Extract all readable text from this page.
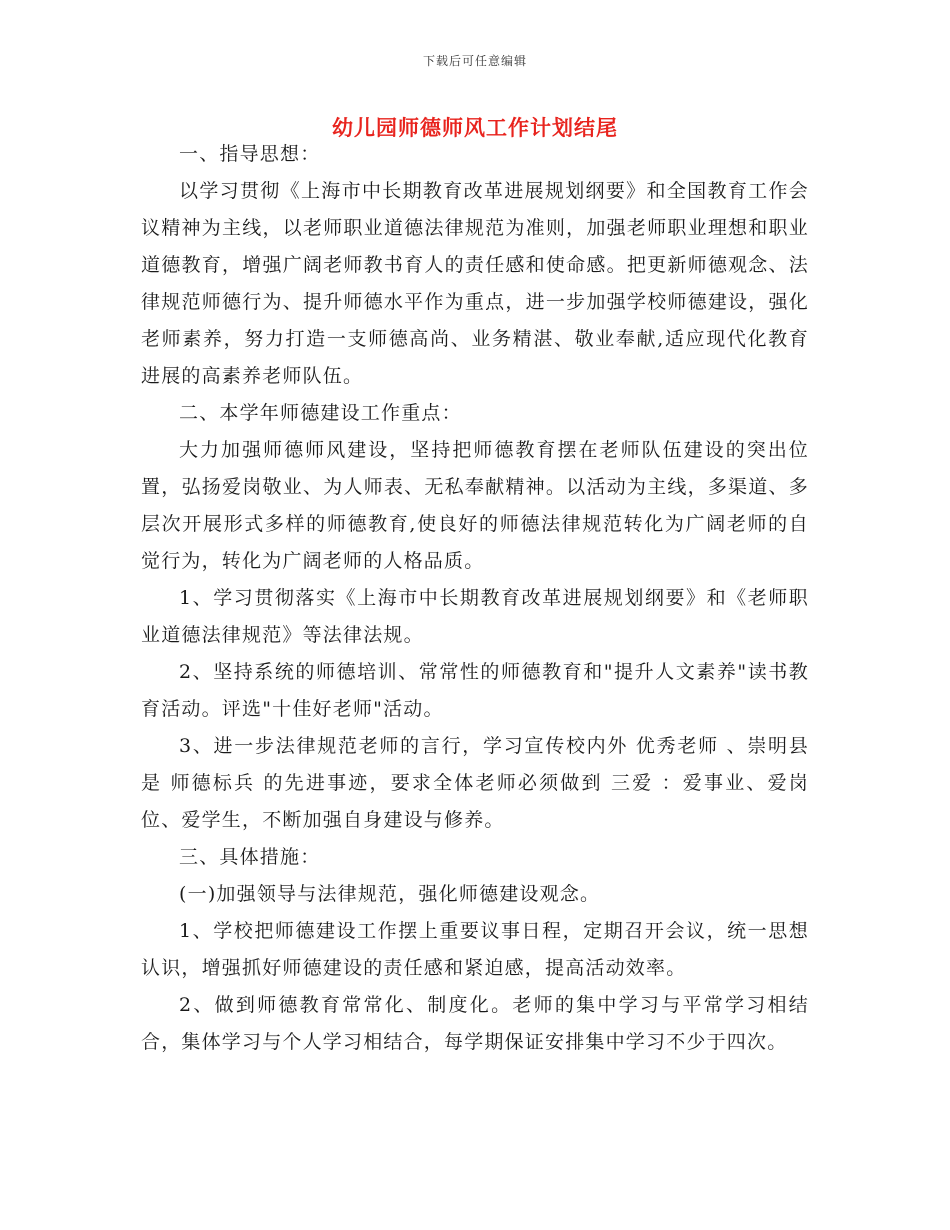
下载后可任意编辑
幼儿园师德师风工作计划结尾

一、指导思想：

以学习贯彻《上海市中长期教育改革进展规划纲要》和全国教育工作会议精神为主线，以老师职业道德法律规范为准则，加强老师职业理想和职业道德教育，增强广阔老师教书育人的责任感和使命感。把更新师德观念、法律规范师德行为、提升师德水平作为重点，进一步加强学校师德建设，强化老师素养，努力打造一支师德高尚、业务精湛、敬业奉献,适应现代化教育进展的高素养老师队伍。

二、本学年师德建设工作重点：

大力加强师德师风建设，坚持把师德教育摆在老师队伍建设的突出位置，弘扬爱岗敬业、为人师表、无私奉献精神。以活动为主线，多渠道、多层次开展形式多样的师德教育,使良好的师德法律规范转化为广阔老师的自觉行为，转化为广阔老师的人格品质。

1、学习贯彻落实《上海市中长期教育改革进展规划纲要》和《老师职业道德法律规范》等法律法规。

2、坚持系统的师德培训、常常性的师德教育和"提升人文素养"读书教育活动。评选"十佳好老师"活动。

3、进一步法律规范老师的言行，学习宣传校内外 优秀老师 、崇明县是 师德标兵 的先进事迹，要求全体老师必须做到 三爱 ：爱事业、爱岗位、爱学生，不断加强自身建设与修养。

三、具体措施：

(一)加强领导与法律规范，强化师德建设观念。

1、学校把师德建设工作摆上重要议事日程，定期召开会议，统一思想认识，增强抓好师德建设的责任感和紧迫感，提高活动效率。

2、做到师德教育常常化、制度化。老师的集中学习与平常学习相结合，集体学习与个人学习相结合，每学期保证安排集中学习不少于四次。
